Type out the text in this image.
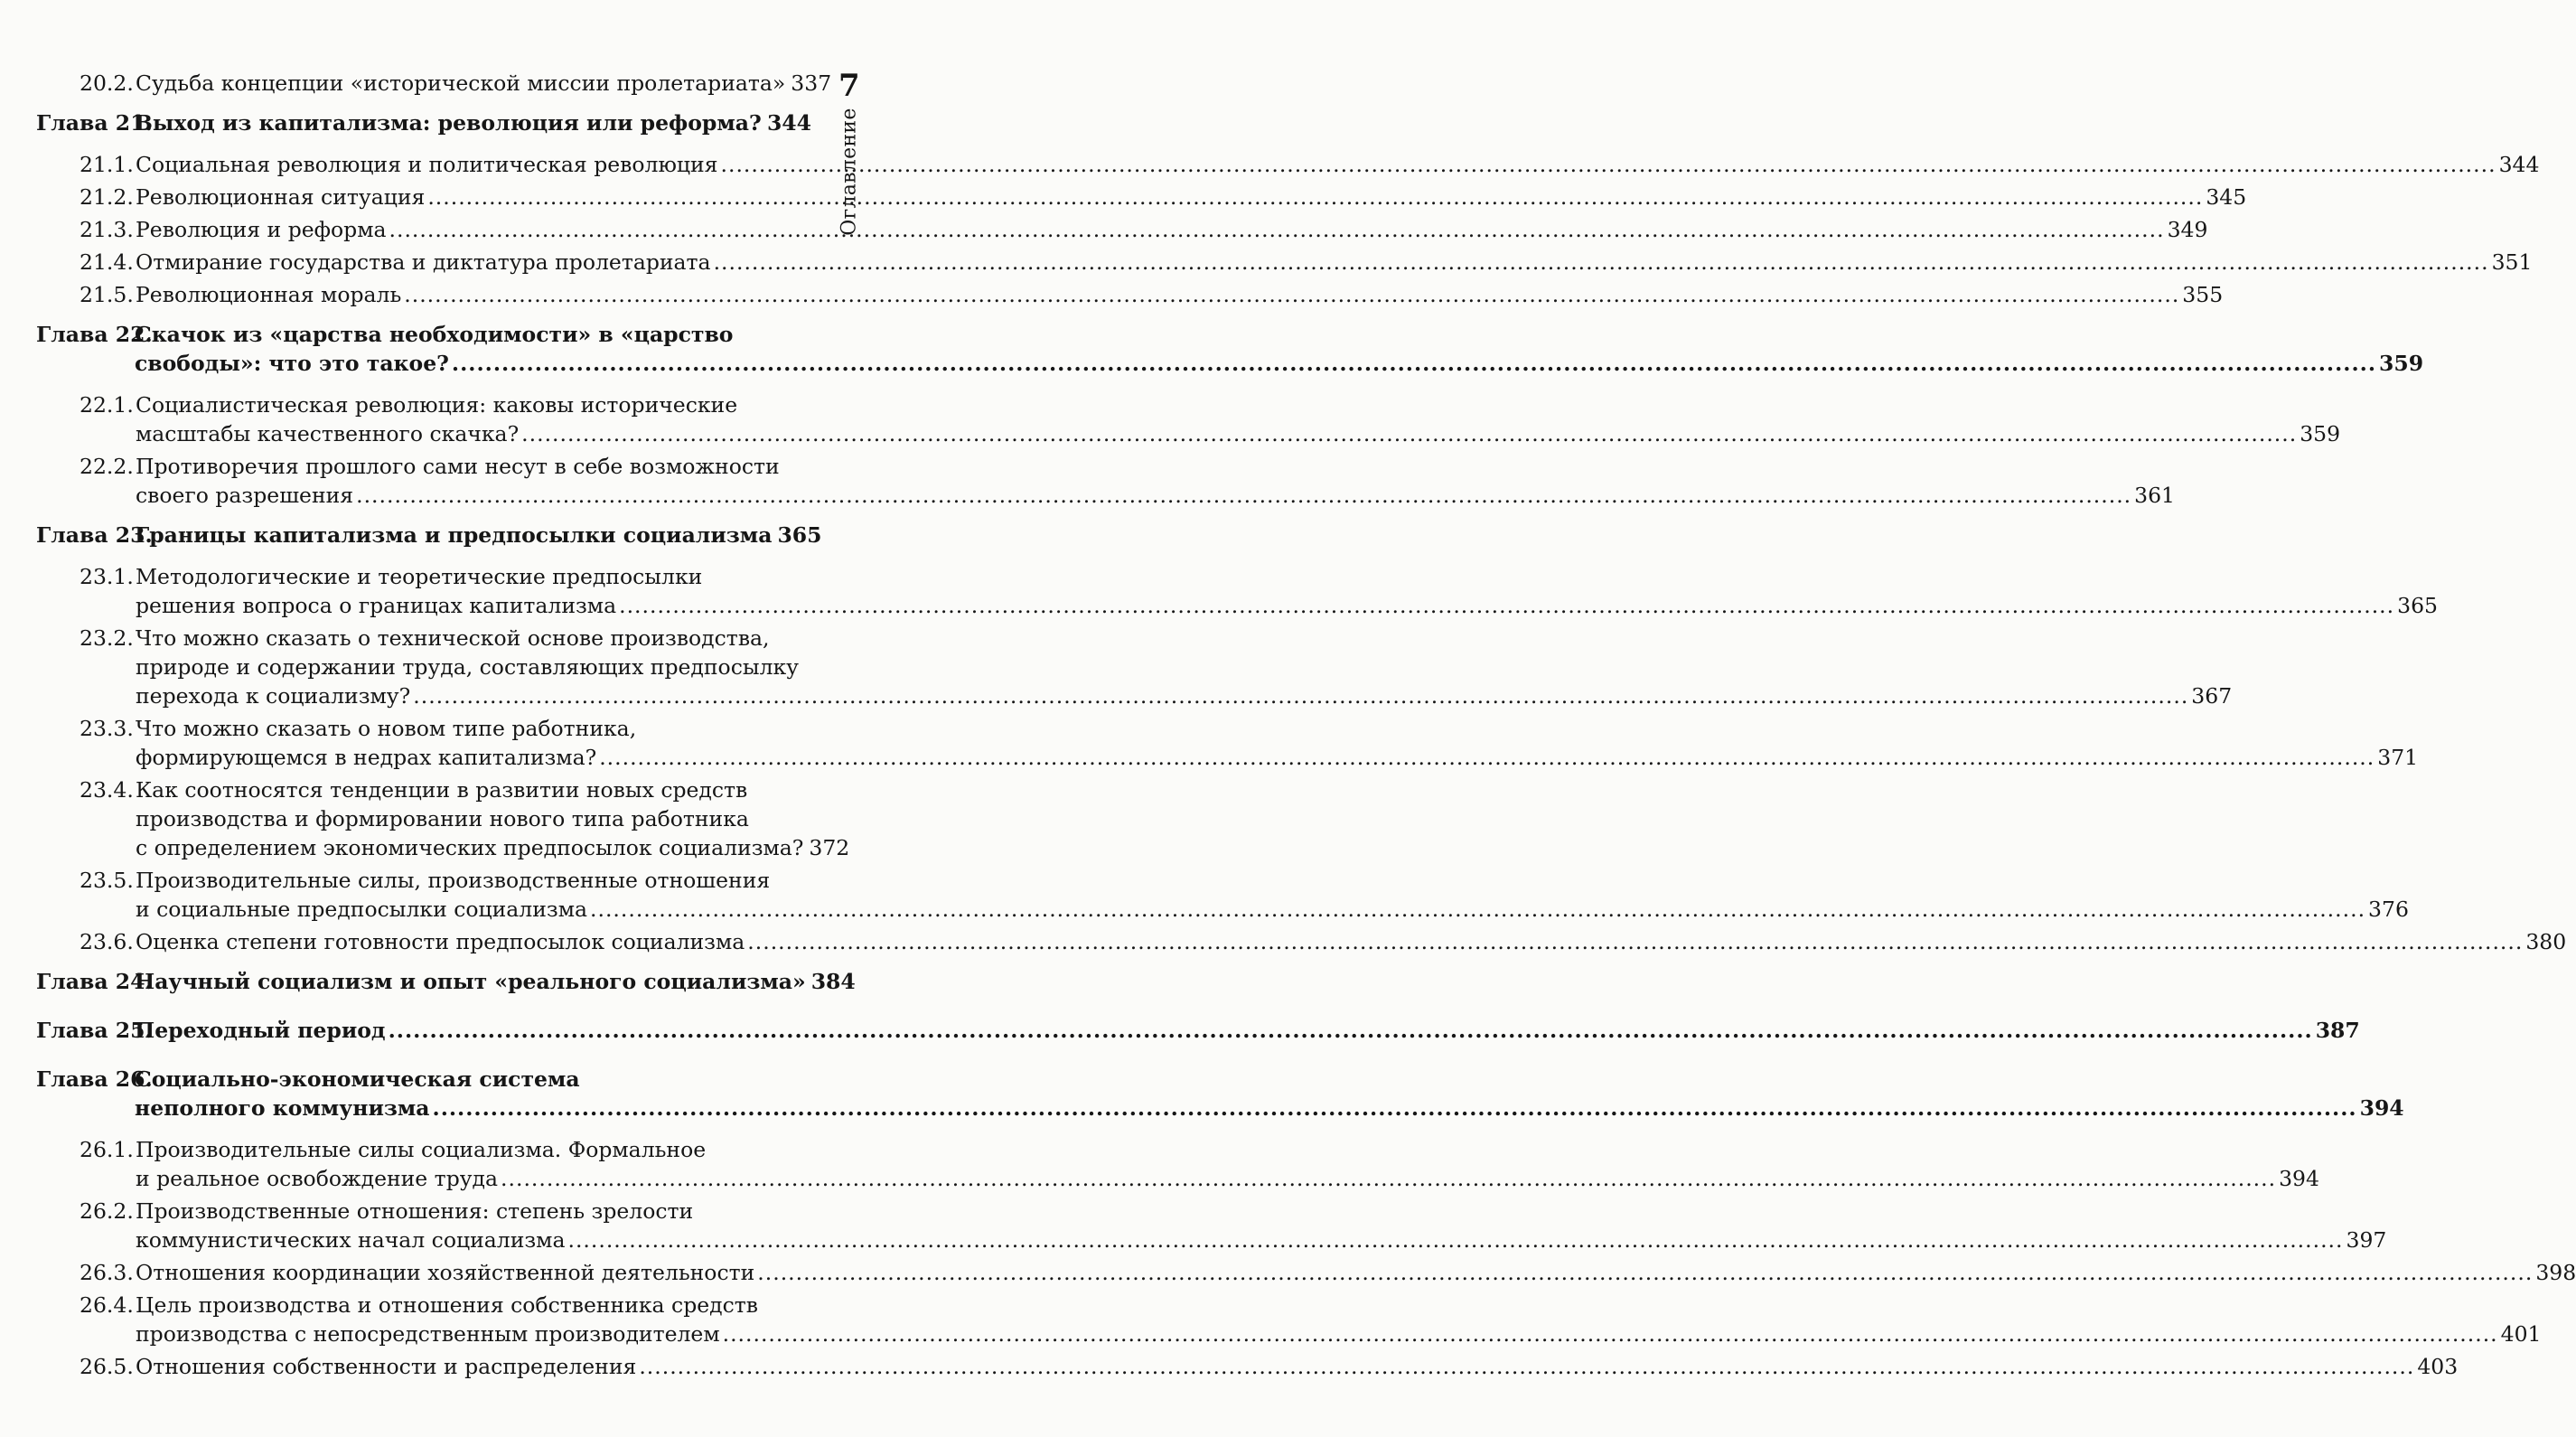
7
Оглавление
20.2. Судьба концепции «исторической миссии пролетариата» 337
Глава 21.
Выход из капитализма: революция или реформа? ..... 344
21.1. Социальная революция и политическая революция .....	344
21.2. Революционная ситуация .....	345
21.3. Революция и реформа .....	349
21.4. Отмирание государства и диктатура пролетариата .....	351
21.5. Революционная мораль .....	355
Глава 22.
Скачок из «царства необходимости» в «царство
свободы»: что это такое? .....	359
22.1. Социалистическая революция: каковы исторические
масштабы качественного скачка? .....	359
22.2. Противоречия прошлого сами несут в себе возможности
своего разрешения .....	361
Глава 23.
Границы капитализма и предпосылки социализма 365
23.1. Методологические и теоретические предпосылки
решения вопроса о границах капитализма .....	365
23.2. Что можно сказать о технической основе производства,
природе и содержании труда, составляющих предпосылку
перехода к социализму? .....	367
23.3. Что можно сказать о новом типе работника,
формирующемся в недрах капитализма? .....	371
23.4. Как соотносятся тенденции в развитии новых средств
производства и формировании нового типа работника
с определением экономических предпосылок социализма? 372
23.5. Производительные силы, производственные отношения
и социальные предпосылки социализма .....	376
23.6. Оценка степени готовности предпосылок социализма .....	380
Глава 24.
Научный социализм и опыт «реального социализма» 384
Глава 25.
Переходный период .....	387
Глава 26.
Социально-экономическая система
неполного коммунизма .....	394
26.1. Производительные силы социализма. Формальное
и реальное освобождение труда .....	394
26.2. Производственные отношения: степень зрелости
коммунистических начал социализма .....	397
26.3. Отношения координации хозяйственной деятельности .....	398
26.4. Цель производства и отношения собственника средств
производства с непосредственным производителем .....	401
26.5. Отношения собственности и распределения .....	403
